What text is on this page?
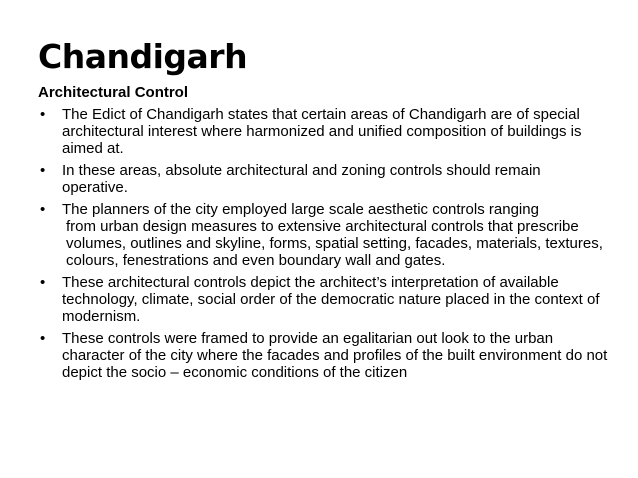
Chandigarh
Architectural Control
• The Edict of Chandigarh states that certain areas of Chandigarh are of special architectural interest where harmonized and unified composition of buildings is aimed at.
• In these areas, absolute architectural and zoning controls should remain operative.
• The planners of the city employed large scale aesthetic controls ranging
from urban design measures to extensive architectural controls that prescribe volumes, outlines and skyline, forms, spatial setting, facades, materials, textures, colours, fenestrations and even boundary wall and gates.
• These architectural controls depict the architect’s interpretation of available technology, climate, social order of the democratic nature placed in the context of modernism.
• These controls were framed to provide an egalitarian out look to the urban character of the city where the facades and profiles of the built environment do not depict the socio – economic conditions of the citizen
